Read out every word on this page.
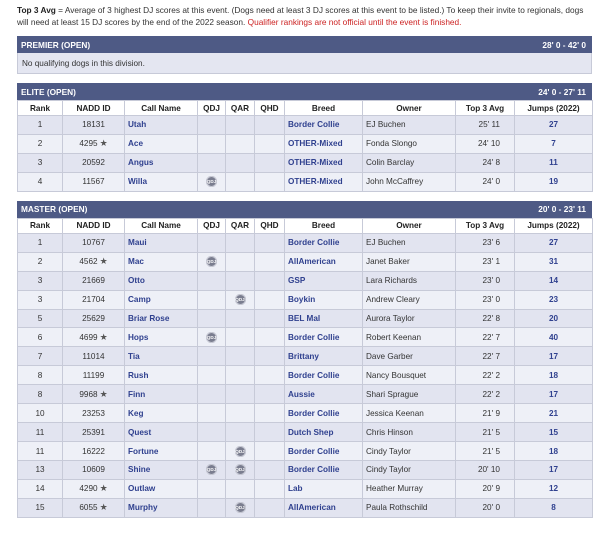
Top 3 Avg = Average of 3 highest DJ scores at this event. (Dogs need at least 3 DJ scores at this event to be listed.) To keep their invite to regionals, dogs will need at least 15 DJ scores by the end of the 2022 season. Qualifier rankings are not official until the event is finished.

PREMIER (OPEN)	28' 0 - 42' 0
No qualifying dogs in this division.
ELITE (OPEN)	24' 0 - 27' 11
Rank	NADD ID	Call Name	QDJ	QAR	QHD	Breed	Owner	Top 3 Avg	Jumps (2022)
1	18131	Utah				Border Collie	EJ Buchen	25' 11	27
2	4295 ★	Ace				OTHER-Mixed	Fonda Slongo	24' 10	7
3	20592	Angus				OTHER-Mixed	Colin Barclay	24' 8	11
4	11567	Willa	QDJ			OTHER-Mixed	John McCaffrey	24' 0	19
MASTER (OPEN)	20' 0 - 23' 11
Rank	NADD ID	Call Name	QDJ	QAR	QHD	Breed	Owner	Top 3 Avg	Jumps (2022)
1	10767	Maui				Border Collie	EJ Buchen	23' 6	27
2	4562 ★	Mac	QDJ			AllAmerican	Janet Baker	23' 1	31
3	21669	Otto				GSP	Lara Richards	23' 0	14
3	21704	Camp		QDJ		Boykin	Andrew Cleary	23' 0	23
5	25629	Briar Rose				BEL Mal	Aurora Taylor	22' 8	20
6	4699 ★	Hops	QDJ			Border Collie	Robert Keenan	22' 7	40
7	11014	Tia				Brittany	Dave Garber	22' 7	17
8	11199	Rush				Border Collie	Nancy Bousquet	22' 2	18
8	9968 ★	Finn				Aussie	Shari Sprague	22' 2	17
10	23253	Keg				Border Collie	Jessica Keenan	21' 9	21
11	25391	Quest				Dutch Shep	Chris Hinson	21' 5	15
11	16222	Fortune		QDJ		Border Collie	Cindy Taylor	21' 5	18
13	10609	Shine	QDJ	QDJ		Border Collie	Cindy Taylor	20' 10	17
14	4290 ★	Outlaw				Lab	Heather Murray	20' 9	12
15	6055 ★	Murphy		QDJ		AllAmerican	Paula Rothschild	20' 0	8
